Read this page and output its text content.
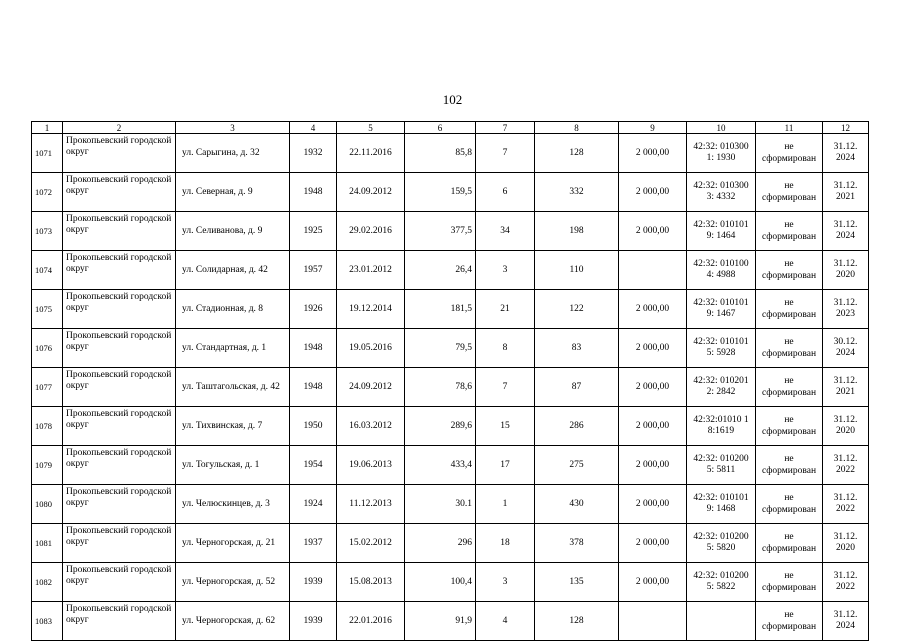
102
1	2	3	4	5	6	7	8	9	10	11	12
1071	Прокопьевский городской округ	ул. Сарыгина, д. 32	1932	22.11.2016	85,8	7	128	2 000,00	42:32: 0103001: 1930	не сформирован	31.12. 2024
1072	Прокопьевский городской округ	ул. Северная, д. 9	1948	24.09.2012	159,5	6	332	2 000,00	42:32: 0103003: 4332	не сформирован	31.12. 2021
1073	Прокопьевский городской округ	ул. Селиванова, д. 9	1925	29.02.2016	377,5	34	198	2 000,00	42:32: 0101019: 1464	не сформирован	31.12. 2024
1074	Прокопьевский городской округ	ул. Солидарная, д. 42	1957	23.01.2012	26,4	3	110		42:32: 0101004: 4988	не сформирован	31.12. 2020
1075	Прокопьевский городской округ	ул. Стадионная, д. 8	1926	19.12.2014	181,5	21	122	2 000,00	42:32: 0101019: 1467	не сформирован	31.12. 2023
1076	Прокопьевский городской округ	ул. Стандартная, д. 1	1948	19.05.2016	79,5	8	83	2 000,00	42:32: 0101015: 5928	не сформирован	30.12. 2024
1077	Прокопьевский городской округ	ул. Таштагольская, д. 42	1948	24.09.2012	78,6	7	87	2 000,00	42:32: 0102012: 2842	не сформирован	31.12. 2021
1078	Прокопьевский городской округ	ул. Тихвинская, д. 7	1950	16.03.2012	289,6	15	286	2 000,00	42:32:01010 18:1619	не сформирован	31.12. 2020
1079	Прокопьевский городской округ	ул. Тогульская, д. 1	1954	19.06.2013	433,4	17	275	2 000,00	42:32: 0102005: 5811	не сформирован	31.12. 2022
1080	Прокопьевский городской округ	ул. Челюскинцев, д. 3	1924	11.12.2013	30.1	1	430	2 000,00	42:32: 0101019: 1468	не сформирован	31.12. 2022
1081	Прокопьевский городской округ	ул. Черногорская, д. 21	1937	15.02.2012	296	18	378	2 000,00	42:32: 0102005: 5820	не сформирован	31.12. 2020
1082	Прокопьевский городской округ	ул. Черногорская, д. 52	1939	15.08.2013	100,4	3	135	2 000,00	42:32: 0102005: 5822	не сформирован	31.12. 2022
1083	Прокопьевский городской округ	ул. Черногорская, д. 62	1939	22.01.2016	91,9	4	128			не сформирован	31.12. 2024
